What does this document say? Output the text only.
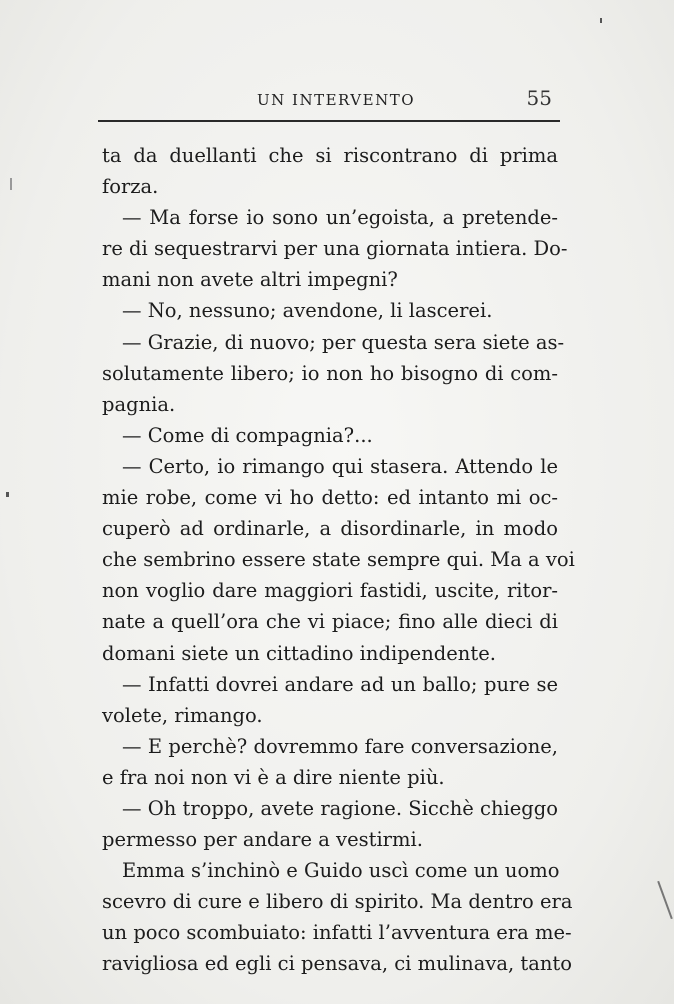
UN INTERVENTO	55
ta da duellanti che si riscontrano di prima
forza.
— Ma forse io sono un’egoista, a pretende-
re di sequestrarvi per una giornata intiera. Do-
mani non avete altri impegni?
— No, nessuno; avendone, li lascerei.
— Grazie, di nuovo; per questa sera siete as-
solutamente libero; io non ho bisogno di com-
pagnia.
— Come di compagnia?...
— Certo, io rimango qui stasera. Attendo le
mie robe, come vi ho detto: ed intanto mi oc-
cuperò ad ordinarle, a disordinarle, in modo
che sembrino essere state sempre qui. Ma a voi
non voglio dare maggiori fastidi, uscite, ritor-
nate a quell’ora che vi piace; fino alle dieci di
domani siete un cittadino indipendente.
— Infatti dovrei andare ad un ballo; pure se
volete, rimango.
— E perchè? dovremmo fare conversazione,
e fra noi non vi è a dire niente più.
— Oh troppo, avete ragione. Sicchè chieggo
permesso per andare a vestirmi.
Emma s’inchinò e Guido uscì come un uomo
scevro di cure e libero di spirito. Ma dentro era
un poco scombuiato: infatti l’avventura era me-
ravigliosa ed egli ci pensava, ci mulinava, tanto
